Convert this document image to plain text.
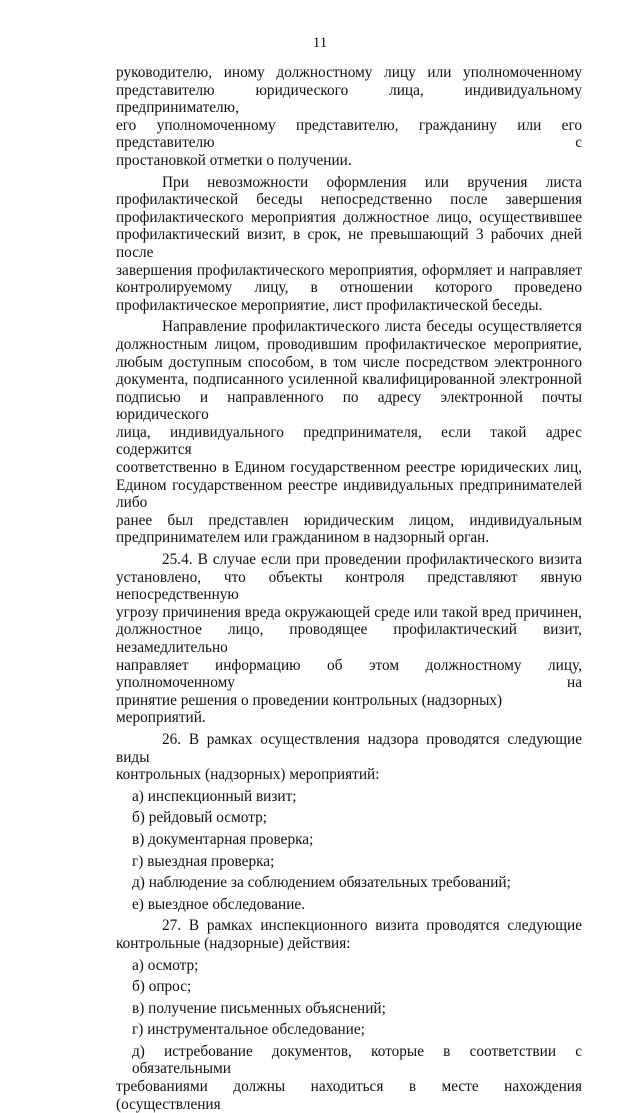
11
руководителю, иному должностному лицу или уполномоченному
представителю юридического лица, индивидуальному предпринимателю,
его уполномоченному представителю, гражданину или его представителю с
простановкой отметки о получении.
При невозможности оформления или вручения листа
профилактической беседы непосредственно после завершения
профилактического мероприятия должностное лицо, осуществившее
профилактический визит, в срок, не превышающий 3 рабочих дней после
завершения профилактического мероприятия, оформляет и направляет
контролируемому лицу, в отношении которого проведено
профилактическое мероприятие, лист профилактической беседы.
Направление профилактического листа беседы осуществляется
должностным лицом, проводившим профилактическое мероприятие,
любым доступным способом, в том числе посредством электронного
документа, подписанного усиленной квалифицированной электронной
подписью и направленного по адресу электронной почты юридического
лица, индивидуального предпринимателя, если такой адрес содержится
соответственно в Едином государственном реестре юридических лиц,
Едином государственном реестре индивидуальных предпринимателей либо
ранее был представлен юридическим лицом, индивидуальным
предпринимателем или гражданином в надзорный орган.
25.4. В случае если при проведении профилактического визита
установлено, что объекты контроля представляют явную непосредственную
угрозу причинения вреда окружающей среде или такой вред причинен,
должностное лицо, проводящее профилактический визит, незамедлительно
направляет информацию об этом должностному лицу, уполномоченному на
принятие решения о проведении контрольных (надзорных) мероприятий.
26. В рамках осуществления надзора проводятся следующие виды
контрольных (надзорных) мероприятий:
а) инспекционный визит;
б) рейдовый осмотр;
в) документарная проверка;
г) выездная проверка;
д) наблюдение за соблюдением обязательных требований;
е) выездное обследование.
27. В рамках инспекционного визита проводятся следующие
контрольные (надзорные) действия:
а) осмотр;
б) опрос;
в) получение письменных объяснений;
г) инструментальное обследование;
д) истребование документов, которые в соответствии с обязательными
требованиями должны находиться в месте нахождения (осуществления
